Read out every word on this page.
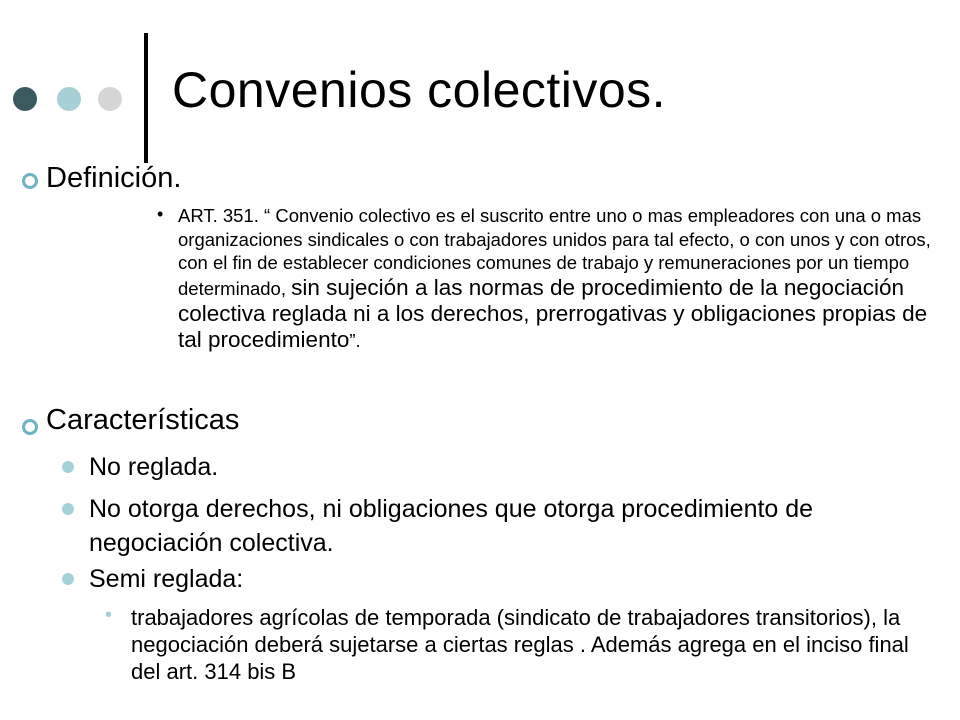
Convenios colectivos.
Definición.
• ART. 351. “ Convenio colectivo es el suscrito entre uno o mas empleadores con una o mas organizaciones sindicales o con trabajadores unidos para tal efecto, o con unos y con otros, con el fin de establecer condiciones comunes de trabajo y remuneraciones por un tiempo determinado, sin sujeción a las normas de procedimiento de la negociación colectiva reglada ni a los derechos, prerrogativas y obligaciones propias de tal procedimiento”.
Características
No reglada.
No otorga derechos, ni obligaciones que otorga procedimiento de negociación colectiva.
Semi reglada:
• trabajadores agrícolas de temporada (sindicato de trabajadores transitorios), la negociación deberá sujetarse a ciertas reglas . Además agrega en el inciso final del art. 314 bis B
